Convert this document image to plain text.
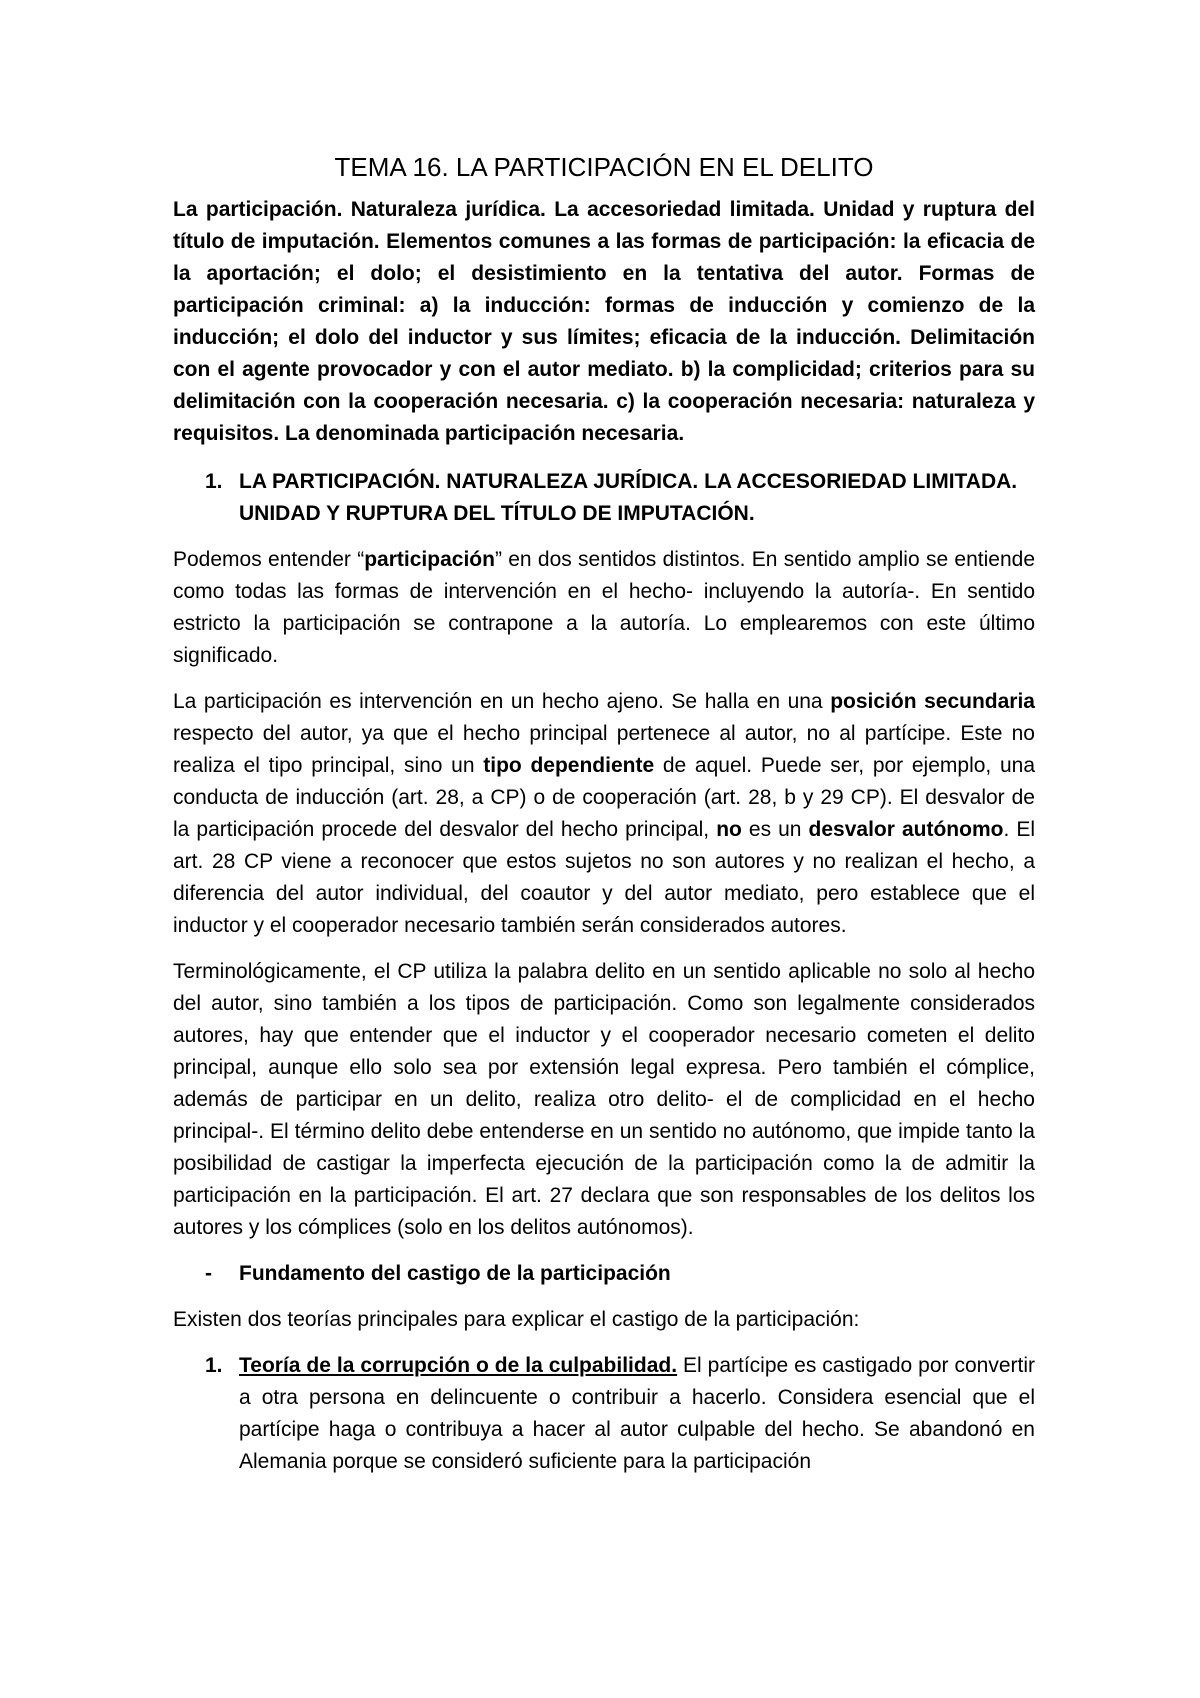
TEMA 16. LA PARTICIPACIÓN EN EL DELITO

La participación. Naturaleza jurídica. La accesoriedad limitada. Unidad y ruptura del título de imputación. Elementos comunes a las formas de participación: la eficacia de la aportación; el dolo; el desistimiento en la tentativa del autor. Formas de participación criminal: a) la inducción: formas de inducción y comienzo de la inducción; el dolo del inductor y sus límites; eficacia de la inducción. Delimitación con el agente provocador y con el autor mediato. b) la complicidad; criterios para su delimitación con la cooperación necesaria. c) la cooperación necesaria: naturaleza y requisitos. La denominada participación necesaria.

1. LA PARTICIPACIÓN. NATURALEZA JURÍDICA. LA ACCESORIEDAD LIMITADA. UNIDAD Y RUPTURA DEL TÍTULO DE IMPUTACIÓN.

Podemos entender “participación” en dos sentidos distintos. En sentido amplio se entiende como todas las formas de intervención en el hecho- incluyendo la autoría-. En sentido estricto la participación se contrapone a la autoría. Lo emplearemos con este último significado.

La participación es intervención en un hecho ajeno. Se halla en una posición secundaria respecto del autor, ya que el hecho principal pertenece al autor, no al partícipe. Este no realiza el tipo principal, sino un tipo dependiente de aquel. Puede ser, por ejemplo, una conducta de inducción (art. 28, a CP) o de cooperación (art. 28, b y 29 CP). El desvalor de la participación procede del desvalor del hecho principal, no es un desvalor autónomo. El art. 28 CP viene a reconocer que estos sujetos no son autores y no realizan el hecho, a diferencia del autor individual, del coautor y del autor mediato, pero establece que el inductor y el cooperador necesario también serán considerados autores.

Terminológicamente, el CP utiliza la palabra delito en un sentido aplicable no solo al hecho del autor, sino también a los tipos de participación. Como son legalmente considerados autores, hay que entender que el inductor y el cooperador necesario cometen el delito principal, aunque ello solo sea por extensión legal expresa. Pero también el cómplice, además de participar en un delito, realiza otro delito- el de complicidad en el hecho principal-. El término delito debe entenderse en un sentido no autónomo, que impide tanto la posibilidad de castigar la imperfecta ejecución de la participación como la de admitir la participación en la participación. El art. 27 declara que son responsables de los delitos los autores y los cómplices (solo en los delitos autónomos).

-	Fundamento del castigo de la participación

Existen dos teorías principales para explicar el castigo de la participación:

1. Teoría de la corrupción o de la culpabilidad. El partícipe es castigado por convertir a otra persona en delincuente o contribuir a hacerlo. Considera esencial que el partícipe haga o contribuya a hacer al autor culpable del hecho. Se abandonó en Alemania porque se consideró suficiente para la participación
